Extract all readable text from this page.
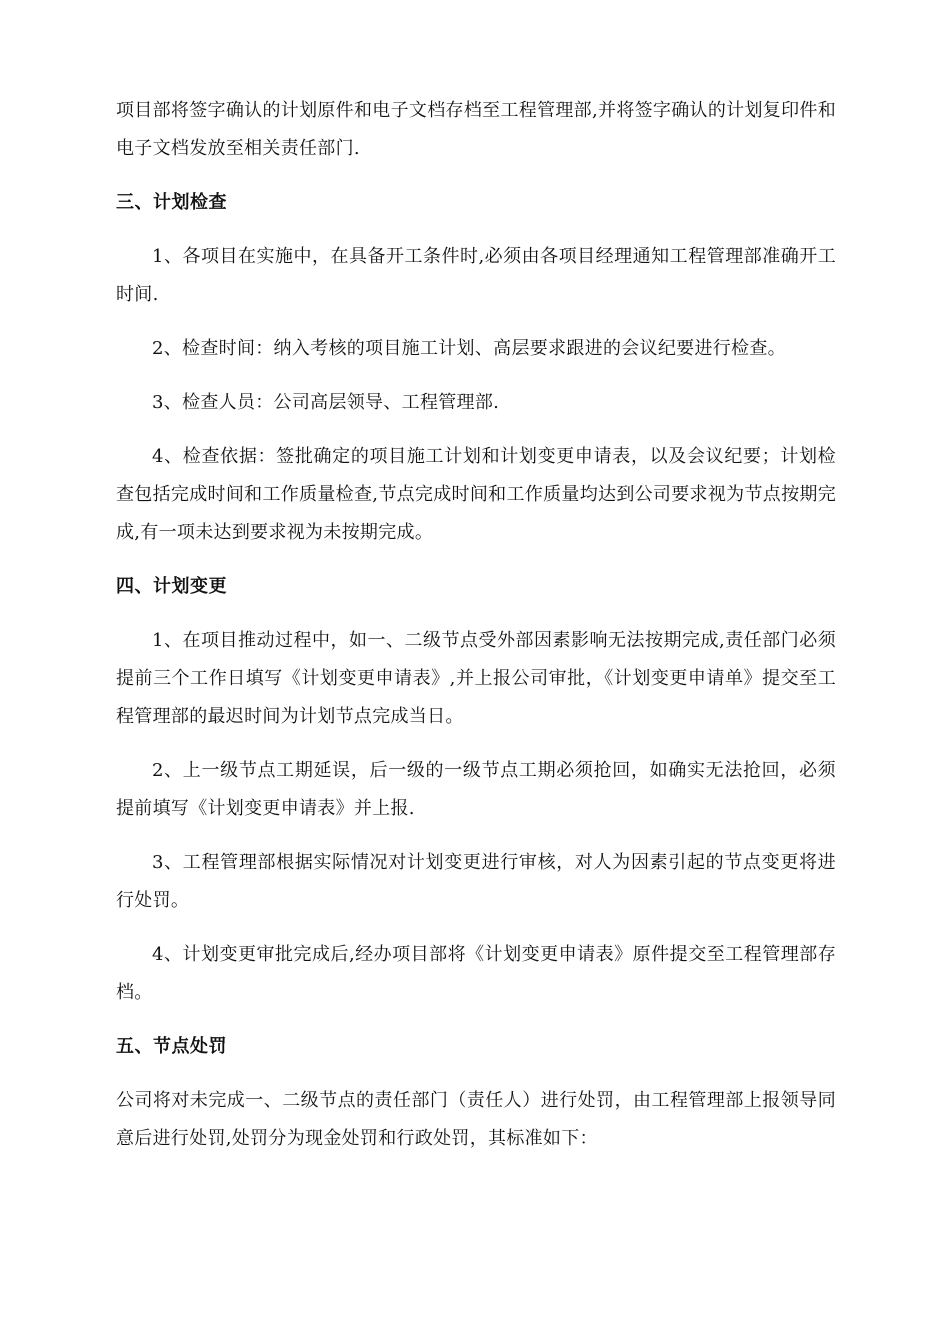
项目部将签字确认的计划原件和电子文档存档至工程管理部,并将签字确认的计划复印件和电子文档发放至相关责任部门.

三、计划检查

1、各项目在实施中，在具备开工条件时,必须由各项目经理通知工程管理部准确开工时间.

2、检查时间：纳入考核的项目施工计划、高层要求跟进的会议纪要进行检查。

3、检查人员：公司高层领导、工程管理部.

4、检查依据：签批确定的项目施工计划和计划变更申请表，以及会议纪要；计划检查包括完成时间和工作质量检查,节点完成时间和工作质量均达到公司要求视为节点按期完成,有一项未达到要求视为未按期完成。

四、计划变更

1、在项目推动过程中，如一、二级节点受外部因素影响无法按期完成,责任部门必须提前三个工作日填写《计划变更申请表》,并上报公司审批，《计划变更申请单》提交至工程管理部的最迟时间为计划节点完成当日。

2、上一级节点工期延误，后一级的一级节点工期必须抢回，如确实无法抢回，必须提前填写《计划变更申请表》并上报.

3、工程管理部根据实际情况对计划变更进行审核，对人为因素引起的节点变更将进行处罚。

4、计划变更审批完成后,经办项目部将《计划变更申请表》原件提交至工程管理部存档。

五、节点处罚

公司将对未完成一、二级节点的责任部门（责任人）进行处罚，由工程管理部上报领导同意后进行处罚,处罚分为现金处罚和行政处罚，其标准如下：
